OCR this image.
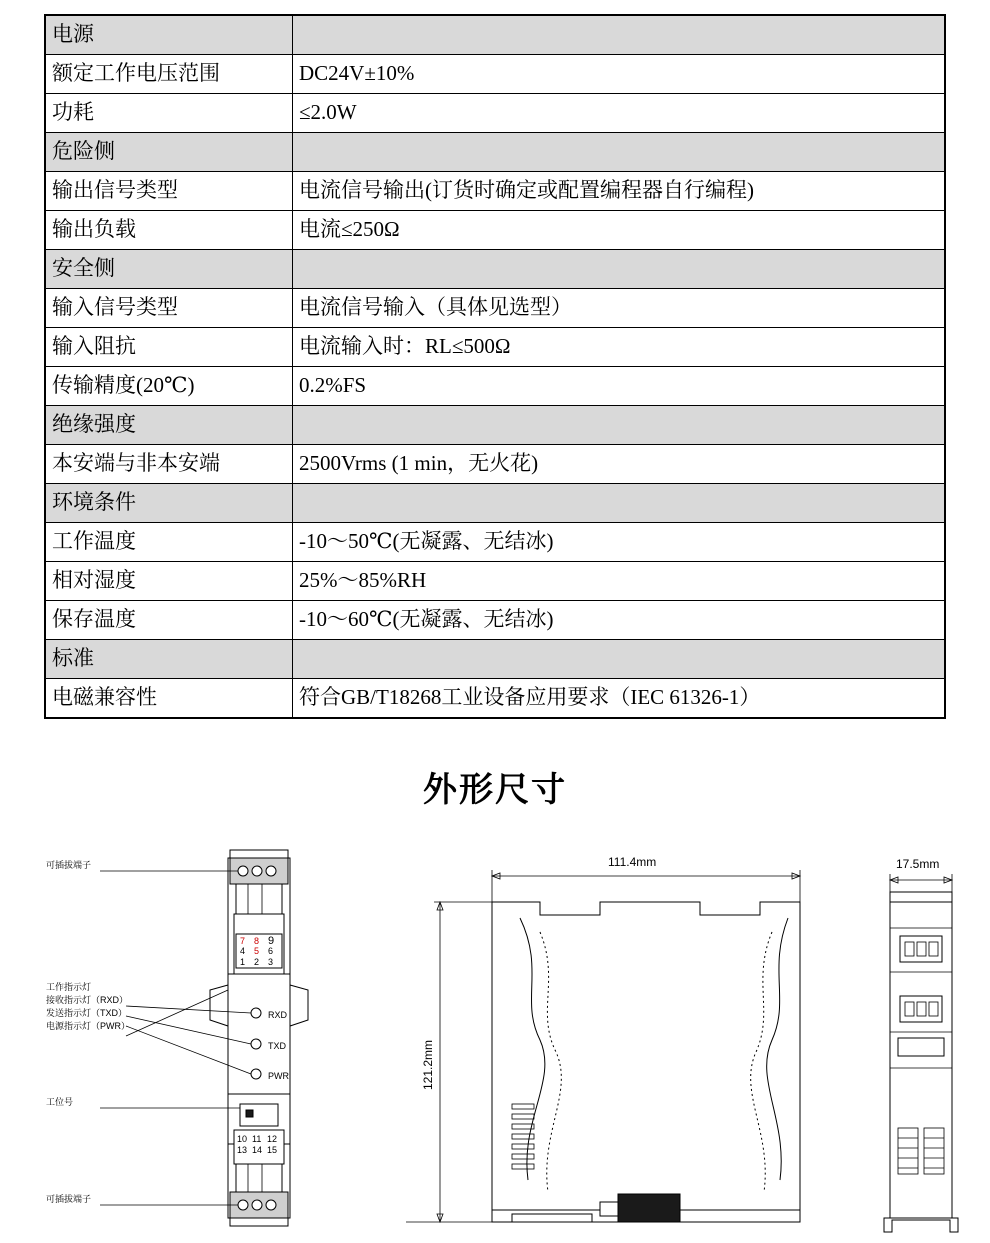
电源	
额定工作电压范围	DC24V±10%
功耗	≤2.0W
危险侧	
输出信号类型	电流信号输出(订货时确定或配置编程器自行编程)
输出负载	电流≤250Ω
安全侧	
输入信号类型	电流信号输入（具体见选型）
输入阻抗	电流输入时：RL≤500Ω
传输精度(20℃)	0.2%FS
绝缘强度	
本安端与非本安端	2500Vrms (1 min，无火花)
环境条件	
工作温度	-10～50℃(无凝露、无结冰)
相对湿度	25%～85%RH
保存温度	-10～60℃(无凝露、无结冰)
标准	
电磁兼容性	符合GB/T18268工业设备应用要求（IEC 61326-1）
外形尺寸
7 8 9
4 5 6
1 2 3
10 11 12
13 14 15
RXD
TXD
PWR
可插拔端子
可插拔端子
工位号
工作指示灯
接收指示灯（RXD）
发送指示灯（TXD）
电源指示灯（PWR）
111.4mm
121.2mm
17.5mm
